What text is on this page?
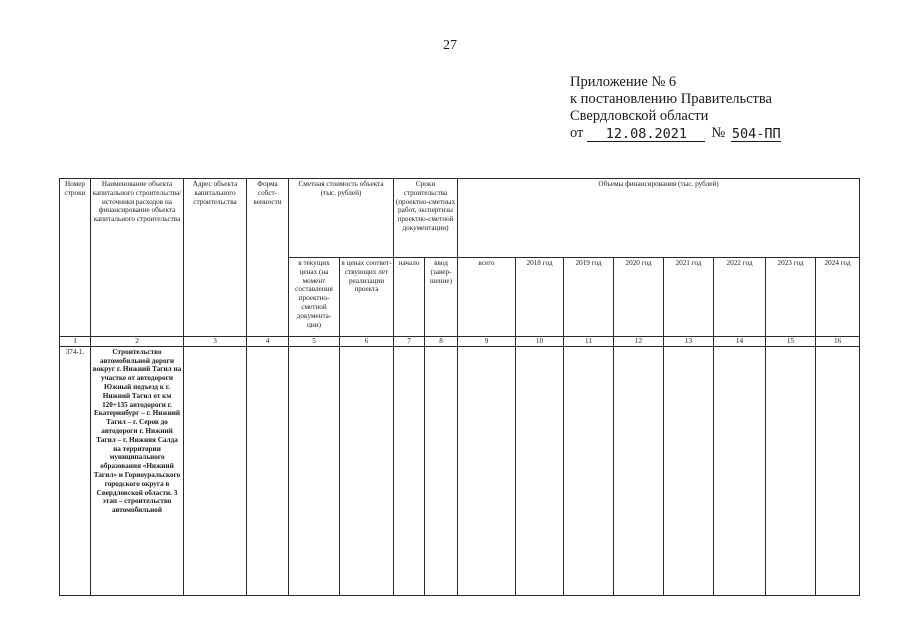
27
Приложение № 6
к постановлению Правительства
Свердловской области
от	12.08.2021	№ 504-ПП
Номер строки	Наименование объекта капитального строительства/ источники расходов на финансирование объекта капитального строительства	Адрес объекта капитального строительства	Форма собст-венности	Сметная стоимость объекта (тыс. рублей)		Сроки строительства (проектно-сметных работ, экспертизы проектно-сметной документации)		Объемы финансирования (тыс. рублей)							
				в текущих ценах (на момент составления проектно-сметной документа-ции)	в ценах соответ-ствующих лет реализации проекта	начало	ввод (завер-шение)	всего	2018 год	2019 год	2020 год	2021 год	2022 год	2023 год	2024 год
1	2	3	4	5	6	7	8	9	10	11	12	13	14	15	16
374-1.	Строительство автомобильной дороги вокруг г. Нижний Тагил на участке от автодороги Южный подъезд к г. Нижний Тагил от км 120+135 автодороги г. Екатеринбург – г. Нижний Тагил – г. Серов до автодороги г. Нижний Тагил – г. Нижняя Салда на территории муниципального образования «Нижний Тагил» и Горноуральского городского округа в Свердловской области. 3 этап – строительство автомобильной														
